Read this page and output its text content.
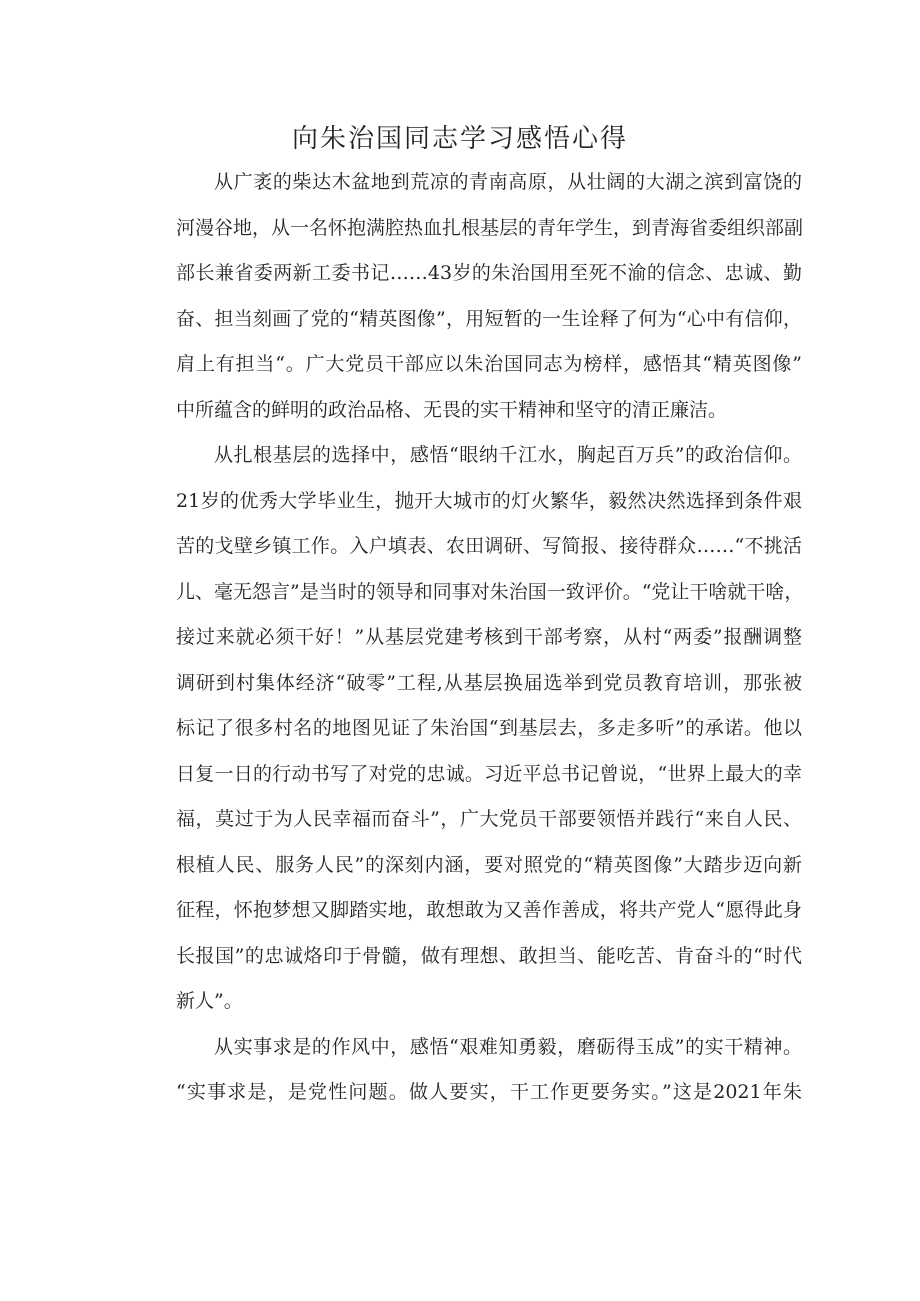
向朱治国同志学习感悟心得
从广袤的柴达木盆地到荒凉的青南高原，从壮阔的大湖之滨到富饶的
河漫谷地，从一名怀抱满腔热血扎根基层的青年学生，到青海省委组织部副
部长兼省委两新工委书记……43岁的朱治国用至死不渝的信念、忠诚、勤
奋、担当刻画了党的“精英图像”，用短暂的一生诠释了何为“心中有信仰，
肩上有担当“。广大党员干部应以朱治国同志为榜样，感悟其“精英图像”
中所蕴含的鲜明的政治品格、无畏的实干精神和坚守的清正廉洁。
从扎根基层的选择中，感悟“眼纳千江水，胸起百万兵”的政治信仰。
21岁的优秀大学毕业生，抛开大城市的灯火繁华，毅然决然选择到条件艰
苦的戈壁乡镇工作。入户填表、农田调研、写简报、接待群众……“不挑活
儿、毫无怨言”是当时的领导和同事对朱治国一致评价。“党让干啥就干啥，
接过来就必须干好！”从基层党建考核到干部考察，从村“两委”报酬调整
调研到村集体经济“破零”工程,从基层换届选举到党员教育培训，那张被
标记了很多村名的地图见证了朱治国“到基层去，多走多听”的承诺。他以
日复一日的行动书写了对党的忠诚。习近平总书记曾说，“世界上最大的幸
福，莫过于为人民幸福而奋斗”，广大党员干部要领悟并践行“来自人民、
根植人民、服务人民”的深刻内涵，要对照党的“精英图像”大踏步迈向新
征程，怀抱梦想又脚踏实地，敢想敢为又善作善成，将共产党人“愿得此身
长报国”的忠诚烙印于骨髓，做有理想、敢担当、能吃苦、肯奋斗的“时代
新人”。
从实事求是的作风中，感悟“艰难知勇毅，磨砺得玉成”的实干精神。
“实事求是，是党性问题。做人要实，干工作更要务实。”这是2021年朱
